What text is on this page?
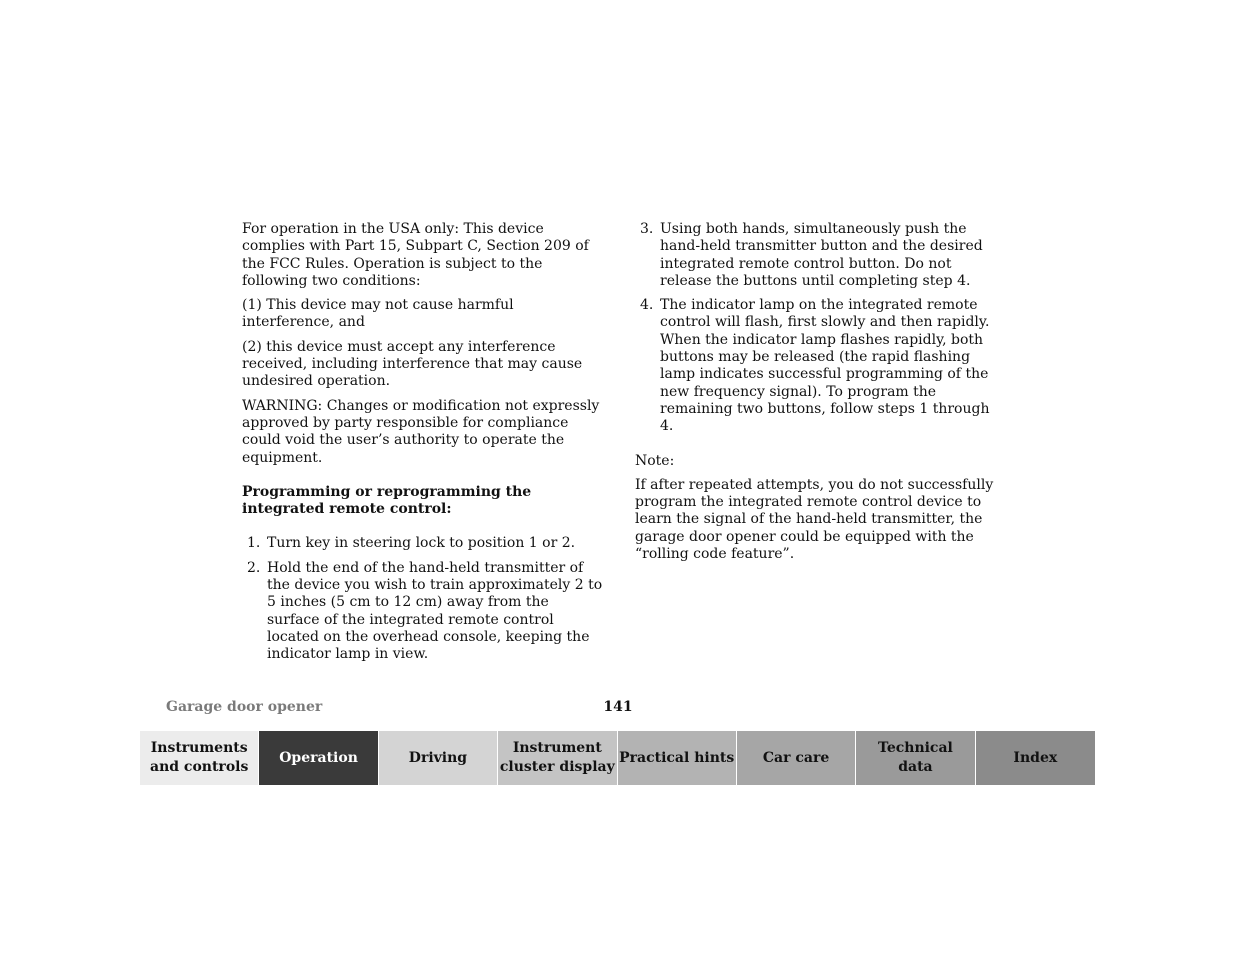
For operation in the USA only: This device complies with Part 15, Subpart C, Section 209 of the FCC Rules. Operation is subject to the following two conditions:

(1) This device may not cause harmful interference, and

(2) this device must accept any interference received, including interference that may cause undesired operation.

WARNING: Changes or modification not expressly approved by party responsible for compliance could void the user’s authority to operate the equipment.

Programming or reprogramming the integrated remote control:

1. Turn key in steering lock to position 1 or 2.
2. Hold the end of the hand-held transmitter of the device you wish to train approximately 2 to 5 inches (5 cm to 12 cm) away from the surface of the integrated remote control located on the overhead console, keeping the indicator lamp in view.
3. Using both hands, simultaneously push the hand-held transmitter button and the desired integrated remote control button. Do not release the buttons until completing step 4.
4. The indicator lamp on the integrated remote control will flash, first slowly and then rapidly. When the indicator lamp flashes rapidly, both buttons may be released (the rapid flashing lamp indicates successful programming of the new frequency signal). To program the remaining two buttons, follow steps 1 through 4.

Note:

If after repeated attempts, you do not successfully program the integrated remote control device to learn the signal of the hand-held transmitter, the garage door opener could be equipped with the “rolling code feature”.

Garage door opener	141
Instruments
and controls
Operation	Driving
Instrument
cluster display
Practical hints	Car care
Technical
data
Index
